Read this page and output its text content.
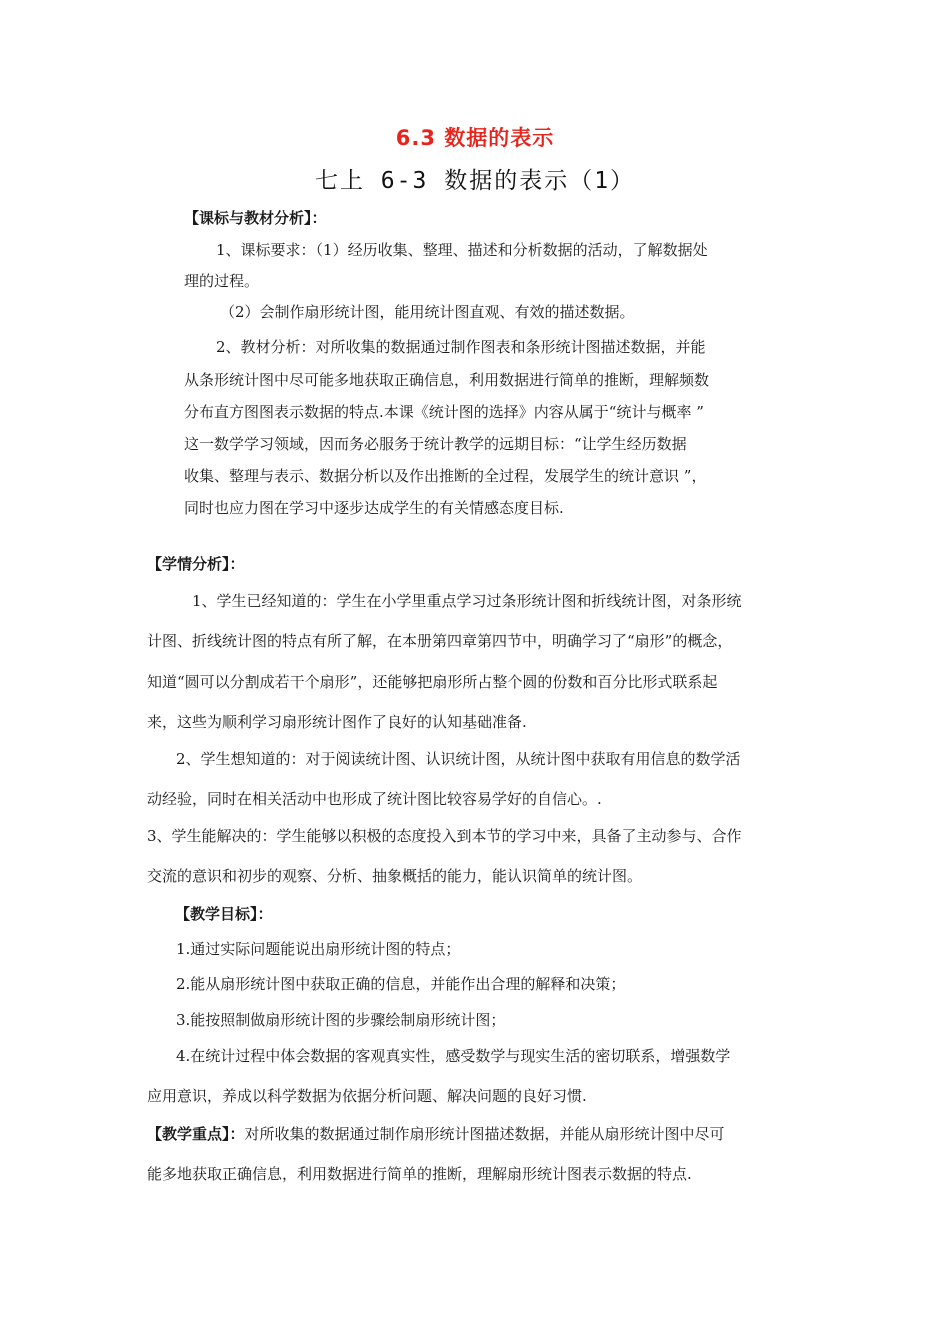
6.3 数据的表示
七上 6-3 数据的表示（1）
【课标与教材分析】：
1、课标要求：（1）经历收集、整理、描述和分析数据的活动，了解数据处
理的过程。
（2）会制作扇形统计图，能用统计图直观、有效的描述数据。
2、教材分析：对所收集的数据通过制作图表和条形统计图描述数据，并能
从条形统计图中尽可能多地获取正确信息，利用数据进行简单的推断，理解频数
分布直方图图表示数据的特点.本课《统计图的选择》内容从属于“统计与概率 ”
这一数学学习领域，因而务必服务于统计教学的远期目标：“让学生经历数据
收集、整理与表示、数据分析以及作出推断的全过程，发展学生的统计意识 ”，
同时也应力图在学习中逐步达成学生的有关情感态度目标.
【学情分析】：
1、学生已经知道的：学生在小学里重点学习过条形统计图和折线统计图，对条形统
计图、折线统计图的特点有所了解，在本册第四章第四节中，明确学习了“扇形”的概念，
知道“圆可以分割成若干个扇形”，还能够把扇形所占整个圆的份数和百分比形式联系起
来，这些为顺利学习扇形统计图作了良好的认知基础准备.
2、学生想知道的：对于阅读统计图、认识统计图，从统计图中获取有用信息的数学活
动经验，同时在相关活动中也形成了统计图比较容易学好的自信心。.
3、学生能解决的：学生能够以积极的态度投入到本节的学习中来，具备了主动参与、合作
交流的意识和初步的观察、分析、抽象概括的能力，能认识简单的统计图。
【教学目标】：
1.通过实际问题能说出扇形统计图的特点；
2.能从扇形统计图中获取正确的信息，并能作出合理的解释和决策；
3.能按照制做扇形统计图的步骤绘制扇形统计图；
4.在统计过程中体会数据的客观真实性，感受数学与现实生活的密切联系，增强数学
应用意识，养成以科学数据为依据分析问题、解决问题的良好习惯.
【教学重点】：对所收集的数据通过制作扇形统计图描述数据，并能从扇形统计图中尽可
能多地获取正确信息，利用数据进行简单的推断，理解扇形统计图表示数据的特点.
